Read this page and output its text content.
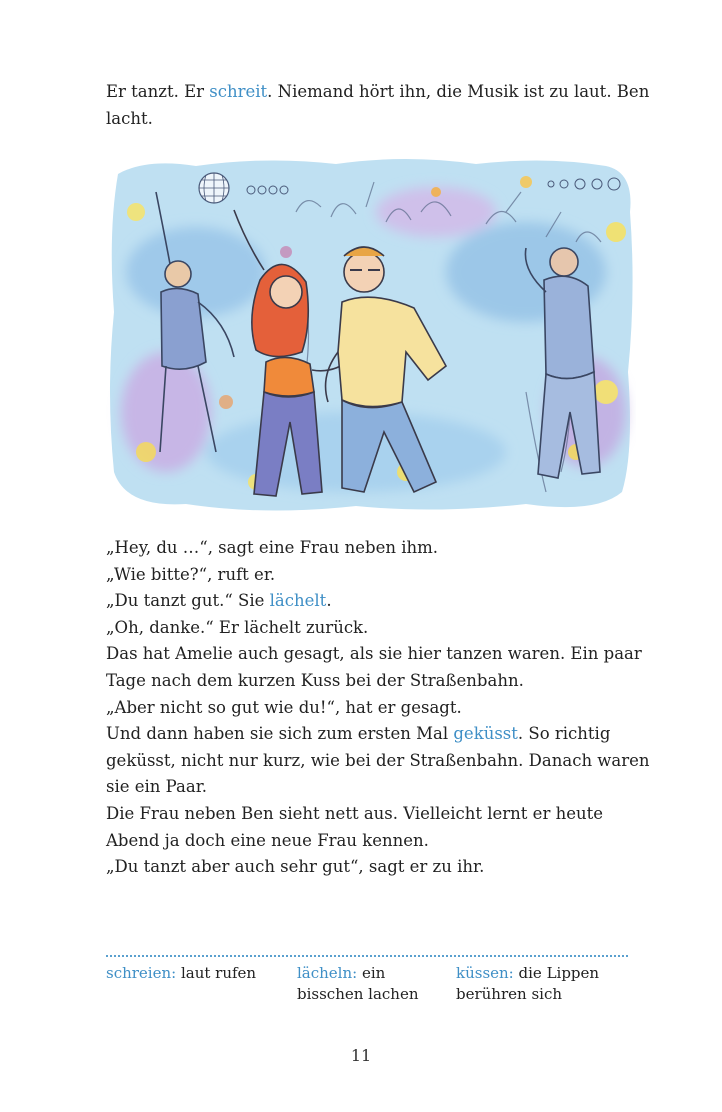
Er tanzt. Er schreit. Niemand hört ihn, die Musik ist zu laut. Ben
lacht.

„Hey, du …“, sagt eine Frau neben ihm.
„Wie bitte?“, ruft er.
„Du tanzt gut.“ Sie lächelt.
„Oh, danke.“ Er lächelt zurück.
Das hat Amelie auch gesagt, als sie hier tanzen waren. Ein paar
Tage nach dem kurzen Kuss bei der Straßenbahn.
„Aber nicht so gut wie du!“, hat er gesagt.
Und dann haben sie sich zum ersten Mal geküsst. So richtig
geküsst, nicht nur kurz, wie bei der Straßenbahn. Danach waren
sie ein Paar.
Die Frau neben Ben sieht nett aus. Vielleicht lernt er heute
Abend ja doch eine neue Frau kennen.
„Du tanzt aber auch sehr gut“, sagt er zu ihr.

schreien: laut rufen	lächeln: ein bisschen lachen
küssen: die Lippen berühren sich
11
